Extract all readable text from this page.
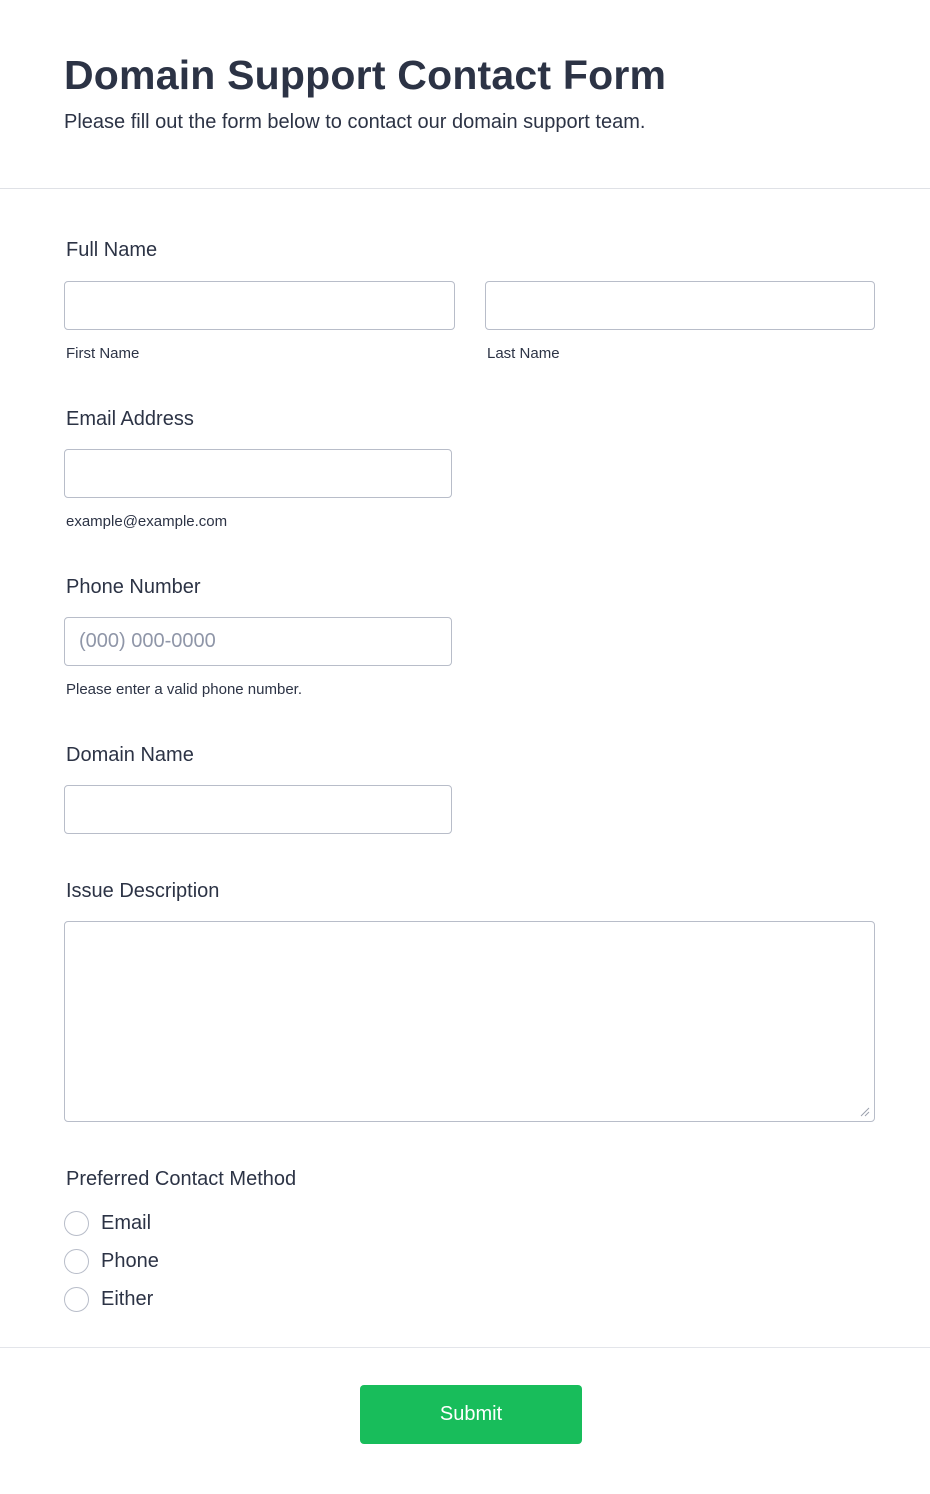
Domain Support Contact Form

Please fill out the form below to contact our domain support team.

Full Name
First Name	Last Name
Email Address
example@example.com
Phone Number
(000) 000-0000
Please enter a valid phone number.
Domain Name
Issue Description
Preferred Contact Method
Email
Phone
Either
Submit
